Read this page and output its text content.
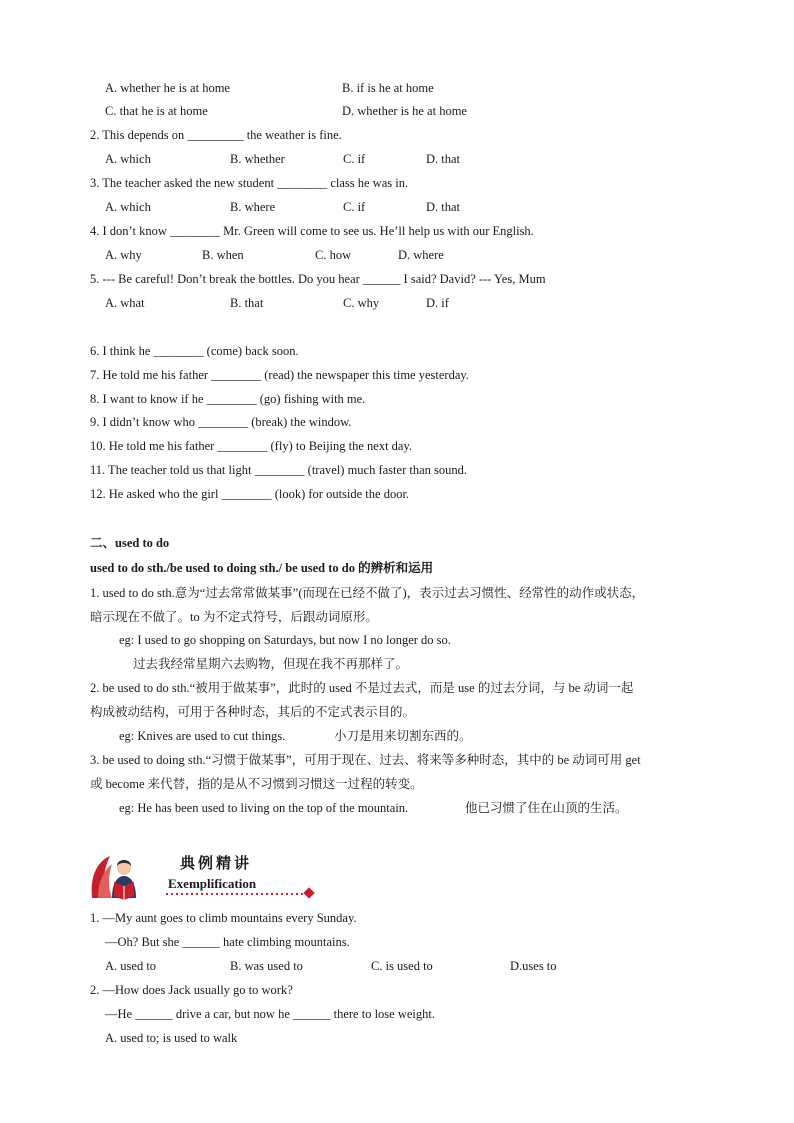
A. whether he is at home	B. if is he at home
C. that he is at home	D. whether is he at home
2. This depends on _________ the weather is fine.
A. which	B. whether	C. if	D. that
3. The teacher asked the new student ________ class he was in.
A. which	B. where	C. if	D. that
4. I don’t know ________ Mr. Green will come to see us. He’ll help us with our English.
A. why	B. when	C. how	D. where
5. --- Be careful! Don’t break the bottles. Do you hear ______ I said? David? --- Yes, Mum
A. what	B. that	C. why	D. if
6. I think he ________ (come) back soon.
7. He told me his father ________ (read) the newspaper this time yesterday.
8. I want to know if he ________ (go) fishing with me.
9. I didn’t know who ________ (break) the window.
10. He told me his father ________ (fly) to Beijing the next day.
11. The teacher told us that light ________ (travel) much faster than sound.
12. He asked who the girl ________ (look) for outside the door.
二、used to do
used to do sth./be used to doing sth./ be used to do 的辨析和运用
1. used to do sth.意为“过去常常做某事”(而现在已经不做了)，表示过去习惯性、经常性的动作或状态，
暗示现在不做了。to 为不定式符号，后跟动词原形。
eg: I used to go shopping on Saturdays, but now I no longer do so.
过去我经常星期六去购物，但现在我不再那样了。
2. be used to do sth.“被用于做某事”，此时的 used 不是过去式，而是 use 的过去分词，与 be 动词一起
构成被动结构，可用于各种时态，其后的不定式表示目的。
eg: Knives are used to cut things.	小刀是用来切割东西的。
3. be used to doing sth.“习惯于做某事”，可用于现在、过去、将来等多种时态，其中的 be 动词可用 get
或 become 来代替，指的是从不习惯到习惯这一过程的转变。
eg: He has been used to living on the top of the mountain.	他已习惯了住在山顶的生活。
典例精讲
Exemplification
1. —My aunt goes to climb mountains every Sunday.
—Oh? But she ______ hate climbing mountains.
A. used to	B. was used to	C. is used to	D.uses to
2. —How does Jack usually go to work?
—He ______ drive a car, but now he ______ there to lose weight.
A. used to; is used to walk
